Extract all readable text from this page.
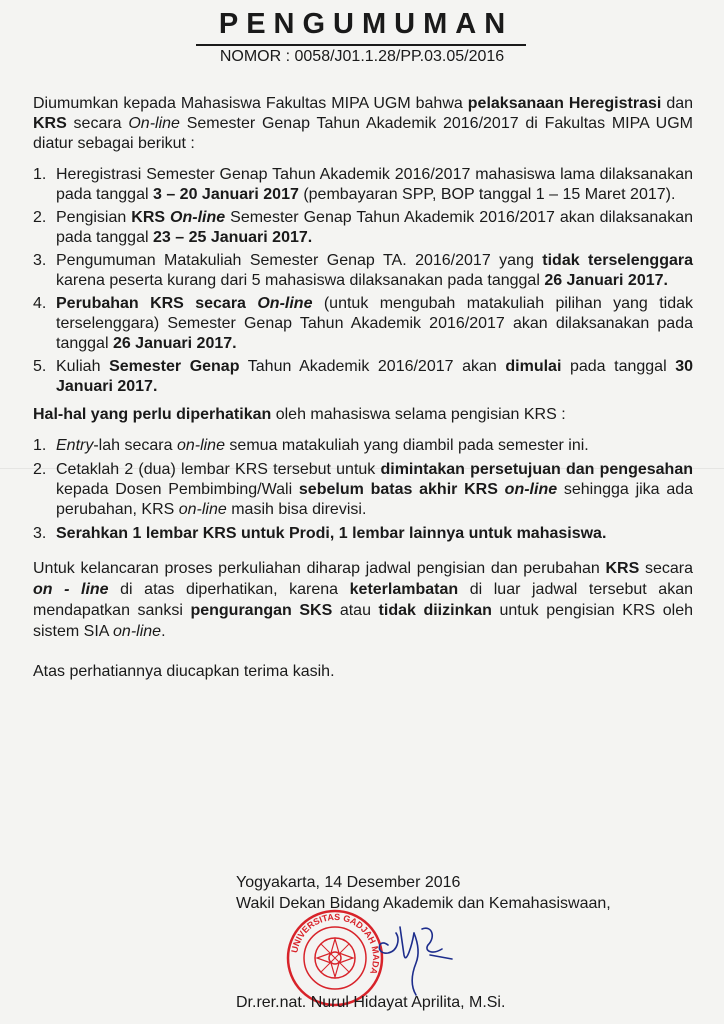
PENGUMUMAN
NOMOR : 0058/J01.1.28/PP.03.05/2016

Diumumkan kepada Mahasiswa Fakultas MIPA UGM bahwa pelaksanaan Heregistrasi dan KRS secara On-line Semester Genap Tahun Akademik 2016/2017 di Fakultas MIPA UGM diatur sebagai berikut :

1. Heregistrasi Semester Genap Tahun Akademik 2016/2017 mahasiswa lama dilaksanakan pada tanggal 3 – 20 Januari 2017 (pembayaran SPP, BOP tanggal 1 – 15 Maret 2017).
2. Pengisian KRS On-line Semester Genap Tahun Akademik 2016/2017 akan dilaksanakan pada tanggal 23 – 25 Januari 2017.
3. Pengumuman Matakuliah Semester Genap TA. 2016/2017 yang tidak terselenggara karena peserta kurang dari 5 mahasiswa dilaksanakan pada tanggal 26 Januari 2017.
4. Perubahan KRS secara On-line (untuk mengubah matakuliah pilihan yang tidak terselenggara) Semester Genap Tahun Akademik 2016/2017 akan dilaksanakan pada tanggal 26 Januari 2017.
5. Kuliah Semester Genap Tahun Akademik 2016/2017 akan dimulai pada tanggal 30 Januari 2017.

Hal-hal yang perlu diperhatikan oleh mahasiswa selama pengisian KRS :

1. Entry-lah secara on-line semua matakuliah yang diambil pada semester ini.
2. Cetaklah 2 (dua) lembar KRS tersebut untuk dimintakan persetujuan dan pengesahan kepada Dosen Pembimbing/Wali sebelum batas akhir KRS on-line sehingga jika ada perubahan, KRS on-line masih bisa direvisi.
3. Serahkan 1 lembar KRS untuk Prodi, 1 lembar lainnya untuk mahasiswa.

Untuk kelancaran proses perkuliahan diharap jadwal pengisian dan perubahan KRS secara on - line di atas diperhatikan, karena keterlambatan di luar jadwal tersebut akan mendapatkan sanksi pengurangan SKS atau tidak diizinkan untuk pengisian KRS oleh sistem SIA on-line.

Atas perhatiannya diucapkan terima kasih.

Yogyakarta, 14 Desember 2016
Wakil Dekan Bidang Akademik dan Kemahasiswaan,
UNIVERSITAS GADJAH MADA
Dr.rer.nat. Nurul Hidayat Aprilita, M.Si.
